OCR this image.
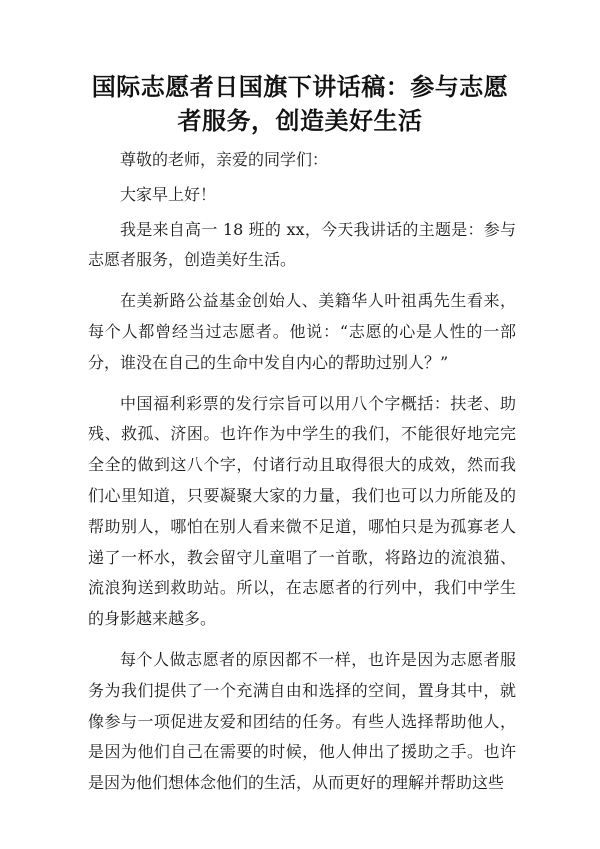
国际志愿者日国旗下讲话稿：参与志愿者服务，创造美好生活

尊敬的老师，亲爱的同学们：

大家早上好！

我是来自高一 18 班的 xx，今天我讲话的主题是：参与志愿者服务，创造美好生活。

在美新路公益基金创始人、美籍华人叶祖禹先生看来，每个人都曾经当过志愿者。他说：“志愿的心是人性的一部分，谁没在自己的生命中发自内心的帮助过别人？”

中国福利彩票的发行宗旨可以用八个字概括：扶老、助残、救孤、济困。也许作为中学生的我们，不能很好地完完全全的做到这八个字，付诸行动且取得很大的成效，然而我们心里知道，只要凝聚大家的力量，我们也可以力所能及的帮助别人，哪怕在别人看来微不足道，哪怕只是为孤寡老人递了一杯水，教会留守儿童唱了一首歌，将路边的流浪猫、流浪狗送到救助站。所以，在志愿者的行列中，我们中学生的身影越来越多。

每个人做志愿者的原因都不一样，也许是因为志愿者服务为我们提供了一个充满自由和选择的空间，置身其中，就像参与一项促进友爱和团结的任务。有些人选择帮助他人，是因为他们自己在需要的时候，他人伸出了援助之手。也许是因为他们想体念他们的生活，从而更好的理解并帮助这些
